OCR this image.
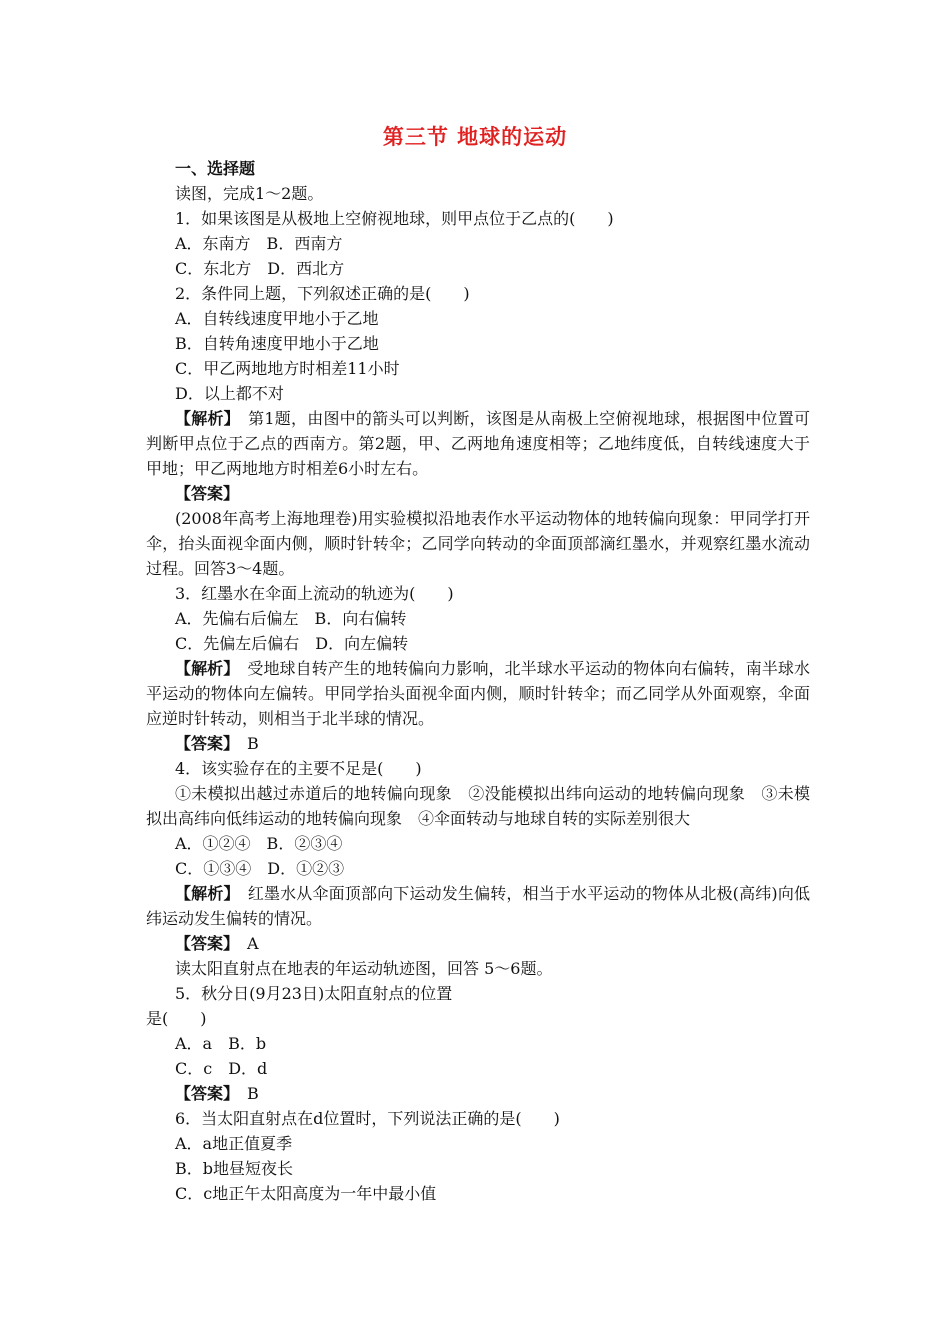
第三节 地球的运动
一、选择题
读图，完成1～2题。
1．如果该图是从极地上空俯视地球，则甲点位于乙点的(　　)
A．东南方　B．西南方
C．东北方　D．西北方
2．条件同上题，下列叙述正确的是(　　)
A．自转线速度甲地小于乙地
B．自转角速度甲地小于乙地
C．甲乙两地地方时相差11小时
D．以上都不对
【解析】　第1题，由图中的箭头可以判断，该图是从南极上空俯视地球，根据图中位置可判断甲点位于乙点的西南方。第2题，甲、乙两地角速度相等；乙地纬度低，自转线速度大于甲地；甲乙两地地方时相差6小时左右。
【答案】
(2008年高考上海地理卷)用实验模拟沿地表作水平运动物体的地转偏向现象：甲同学打开伞，抬头面视伞面内侧，顺时针转伞；乙同学向转动的伞面顶部滴红墨水，并观察红墨水流动过程。回答3～4题。
3．红墨水在伞面上流动的轨迹为(　　)
A．先偏右后偏左　B．向右偏转
C．先偏左后偏右　D．向左偏转
【解析】　受地球自转产生的地转偏向力影响，北半球水平运动的物体向右偏转，南半球水平运动的物体向左偏转。甲同学抬头面视伞面内侧，顺时针转伞；而乙同学从外面观察，伞面应逆时针转动，则相当于北半球的情况。
【答案】　B
4．该实验存在的主要不足是(　　)
①未模拟出越过赤道后的地转偏向现象　②没能模拟出纬向运动的地转偏向现象　③未模拟出高纬向低纬运动的地转偏向现象　④伞面转动与地球自转的实际差别很大
A．①②④　B．②③④
C．①③④　D．①②③
【解析】　红墨水从伞面顶部向下运动发生偏转，相当于水平运动的物体从北极(高纬)向低纬运动发生偏转的情况。
【答案】　A
读太阳直射点在地表的年运动轨迹图，回答 5～6题。
5．秋分日(9月23日)太阳直射点的位置
是(　　)
A．a　B．b
C．c　D．d
【答案】　B
6．当太阳直射点在d位置时，下列说法正确的是(　　)
A．a地正值夏季
B．b地昼短夜长
C．c地正午太阳高度为一年中最小值
